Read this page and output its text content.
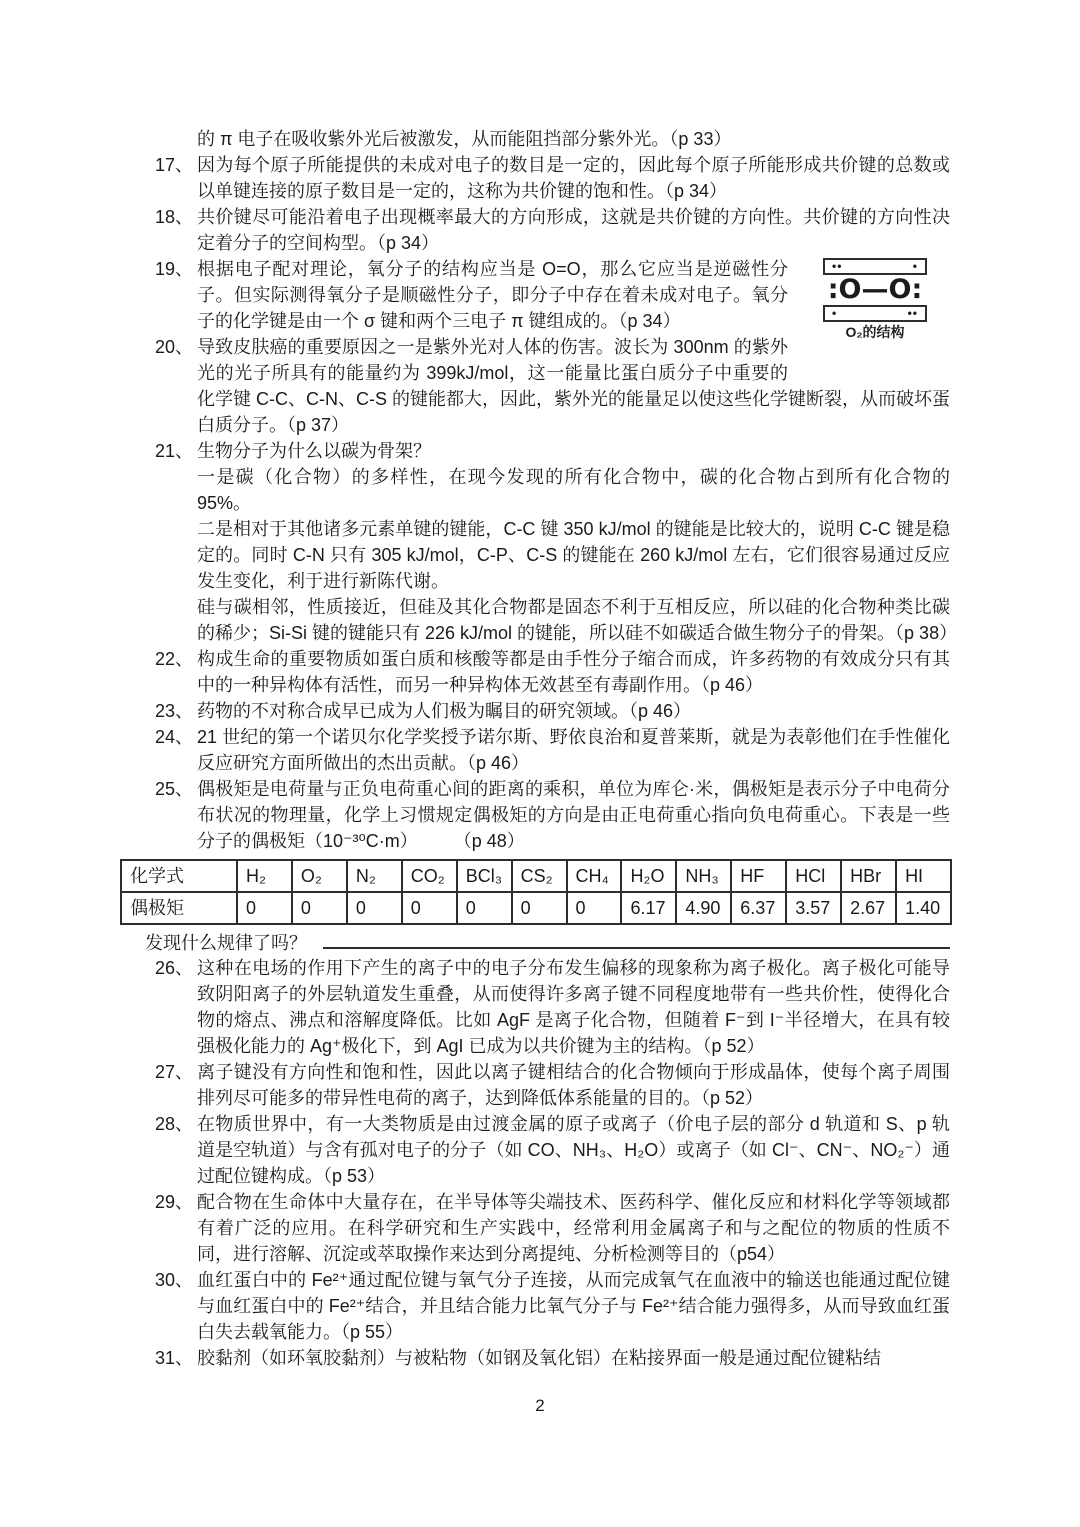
的 π 电子在吸收紫外光后被激发，从而能阻挡部分紫外光。（p 33）
17、 因为每个原子所能提供的未成对电子的数目是一定的，因此每个原子所能形成共价键的总数或以单键连接的原子数目是一定的，这称为共价键的饱和性。（p 34）
18、 共价键尽可能沿着电子出现概率最大的方向形成，这就是共价键的方向性。共价键的方向性决定着分子的空间构型。（p 34）
19、	••	•
:O—O:
•	••
O₂的结构
根据电子配对理论，氧分子的结构应当是 O=O，那么它应当是逆磁性分子。但实际测得氧分子是顺磁性分子，即分子中存在着未成对电子。氧分子的化学键是由一个 σ 键和两个三电子 π 键组成的。（p 34）
20、 导致皮肤癌的重要原因之一是紫外光对人体的伤害。波长为 300nm 的紫外光的光子所具有的能量约为 399kJ/mol，这一能量比蛋白质分子中重要的化学键 C-C、C-N、C-S 的键能都大，因此，紫外光的能量足以使这些化学键断裂，从而破坏蛋白质分子。（p 37）
21、 生物分子为什么以碳为骨架？
一是碳（化合物）的多样性，在现今发现的所有化合物中，碳的化合物占到所有化合物的 95%。
二是相对于其他诸多元素单键的键能，C-C 键 350 kJ/mol 的键能是比较大的，说明 C-C 键是稳定的。同时 C-N 只有 305 kJ/mol，C-P、C-S 的键能在 260 kJ/mol 左右，它们很容易通过反应发生变化，利于进行新陈代谢。
硅与碳相邻，性质接近，但硅及其化合物都是固态不利于互相反应，所以硅的化合物种类比碳的稀少；Si-Si 键的键能只有 226 kJ/mol 的键能，所以硅不如碳适合做生物分子的骨架。（p 38）
22、 构成生命的重要物质如蛋白质和核酸等都是由手性分子缩合而成，许多药物的有效成分只有其中的一种异构体有活性，而另一种异构体无效甚至有毒副作用。（p 46）
23、 药物的不对称合成早已成为人们极为瞩目的研究领域。（p 46）
24、 21 世纪的第一个诺贝尔化学奖授予诺尔斯、野依良治和夏普莱斯，就是为表彰他们在手性催化反应研究方面所做出的杰出贡献。（p 46）
25、 偶极矩是电荷量与正负电荷重心间的距离的乘积，单位为库仑·米，偶极矩是表示分子中电荷分布状况的物理量，化学上习惯规定偶极矩的方向是由正电荷重心指向负电荷重心。下表是一些分子的偶极矩（10⁻³⁰C·m）　　　（p 48）
化学式	H₂	O₂	N₂	CO₂	BCl₃	CS₂	CH₄	H₂O	NH₃	HF	HCl	HBr	HI
偶极矩	0	0	0	0	0	0	0	6.17	4.90	6.37	3.57	2.67	1.40
发现什么规律了吗？
26、 这种在电场的作用下产生的离子中的电子分布发生偏移的现象称为离子极化。离子极化可能导致阴阳离子的外层轨道发生重叠，从而使得许多离子键不同程度地带有一些共价性，使得化合物的熔点、沸点和溶解度降低。比如 AgF 是离子化合物，但随着 F⁻到 I⁻半径增大，在具有较强极化能力的 Ag⁺极化下，到 AgI 已成为以共价键为主的结构。（p 52）
27、 离子键没有方向性和饱和性，因此以离子键相结合的化合物倾向于形成晶体，使每个离子周围排列尽可能多的带异性电荷的离子，达到降低体系能量的目的。（p 52）
28、 在物质世界中，有一大类物质是由过渡金属的原子或离子（价电子层的部分 d 轨道和 S、p 轨道是空轨道）与含有孤对电子的分子（如 CO、NH₃、H₂O）或离子（如 Cl⁻、CN⁻、NO₂⁻）通过配位键构成。（p 53）
29、 配合物在生命体中大量存在，在半导体等尖端技术、医药科学、催化反应和材料化学等领域都有着广泛的应用。在科学研究和生产实践中，经常利用金属离子和与之配位的物质的性质不同，进行溶解、沉淀或萃取操作来达到分离提纯、分析检测等目的（p54）
30、 血红蛋白中的 Fe²⁺通过配位键与氧气分子连接，从而完成氧气在血液中的输送也能通过配位键与血红蛋白中的 Fe²⁺结合，并且结合能力比氧气分子与 Fe²⁺结合能力强得多，从而导致血红蛋白失去载氧能力。（p 55）
31、 胶黏剂（如环氧胶黏剂）与被粘物（如钢及氧化铝）在粘接界面一般是通过配位键粘结
2
